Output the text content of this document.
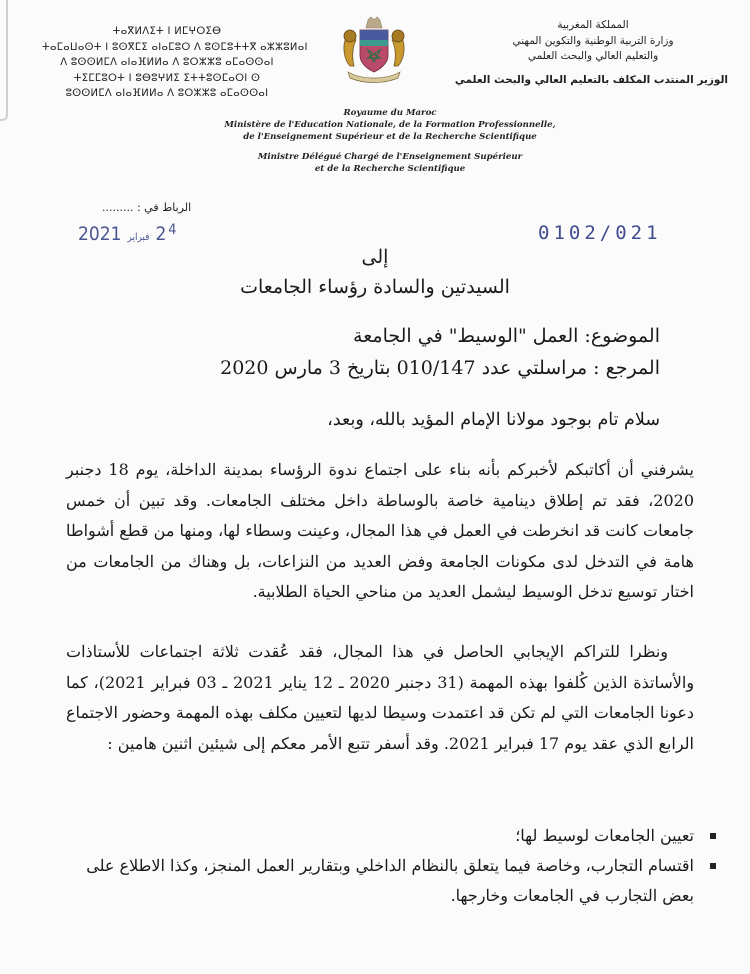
ⵜⴰⴳⵍⴷⵉⵜ ⵏ ⵍⵎⵖⵔⵉⴱ
ⵜⴰⵎⴰⵡⴰⵙⵜ ⵏ ⵓⵙⴳⵎⵉ ⴰⵏⴰⵎⵓⵔ ⴷ ⵓⵙⵎⵓⵜⵜⴳ ⴰⵣⵣⵓⵍⴰⵏ
ⴷ ⵓⵙⵙⵍⵎⴷ ⴰⵏⴰⴼⵍⵍⴰ ⴷ ⵓⵔⵣⵣⵓ ⴰⵎⴰⵙⵙⴰⵏ
ⵜⵉⵎⵎⵓⵔⵜ ⵏ ⵓⴱⵓⵖⵍⵉ ⵉⵜⵜⵓⵙⵎⴰⵔⵏ ⵙ
ⵓⵙⵙⵍⵎⴷ ⴰⵏⴰⴼⵍⵍⴰ ⴷ ⵓⵔⵣⵣⵓ ⴰⵎⴰⵙⵙⴰⵏ
المملكة المغربية
وزارة التربية الوطنية والتكوين المهني
والتعليم العالي والبحث العلمي
الوزير المنتدب المكلف بالتعليم العالي والبحث العلمي
Royaume du Maroc
Ministère de l'Education Nationale, de la Formation Professionnelle,
de l'Enseignement Supérieur et de la Recherche Scientifique
Ministre Délégué Chargé de l'Enseignement Supérieur
et de la Recherche Scientifique
الرباط في : .........
2021 فبراير 2 4	0102/021
إلى
السيدتين والسادة رؤساء الجامعات
الموضوع: العمل "الوسيط" في الجامعة
المرجع : مراسلتي عدد 010/147 بتاريخ 3 مارس 2020
سلام تام بوجود مولانا الإمام المؤيد بالله، وبعد،
يشرفني أن أكاتبكم لأخبركم بأنه بناء على اجتماع ندوة الرؤساء بمدينة الداخلة، يوم 18 دجنبر 2020، فقد تم إطلاق دينامية خاصة بالوساطة داخل مختلف الجامعات. وقد تبين أن خمس جامعات كانت قد انخرطت في العمل في هذا المجال، وعينت وسطاء لها، ومنها من قطع أشواطا هامة في التدخل لدى مكونات الجامعة وفض العديد من النزاعات، بل وهناك من الجامعات من اختار توسيع تدخل الوسيط ليشمل العديد من مناحي الحياة الطلابية.
ونظرا للتراكم الإيجابي الحاصل في هذا المجال، فقد عُقدت ثلاثة اجتماعات للأستاذات والأساتذة الذين كُلفوا بهذه المهمة (31 دجنبر 2020 ـ 12 يناير 2021 ـ 03 فبراير 2021)، كما دعونا الجامعات التي لم تكن قد اعتمدت وسيطا لديها لتعيين مكلف بهذه المهمة وحضور الاجتماع الرابع الذي عقد يوم 17 فبراير 2021. وقد أسفر تتبع الأمر معكم إلى شيئين اثنين هامين :
تعيين الجامعات لوسيط لها؛
اقتسام التجارب، وخاصة فيما يتعلق بالنظام الداخلي وبتقارير العمل المنجز، وكذا الاطلاع على بعض التجارب في الجامعات وخارجها.
